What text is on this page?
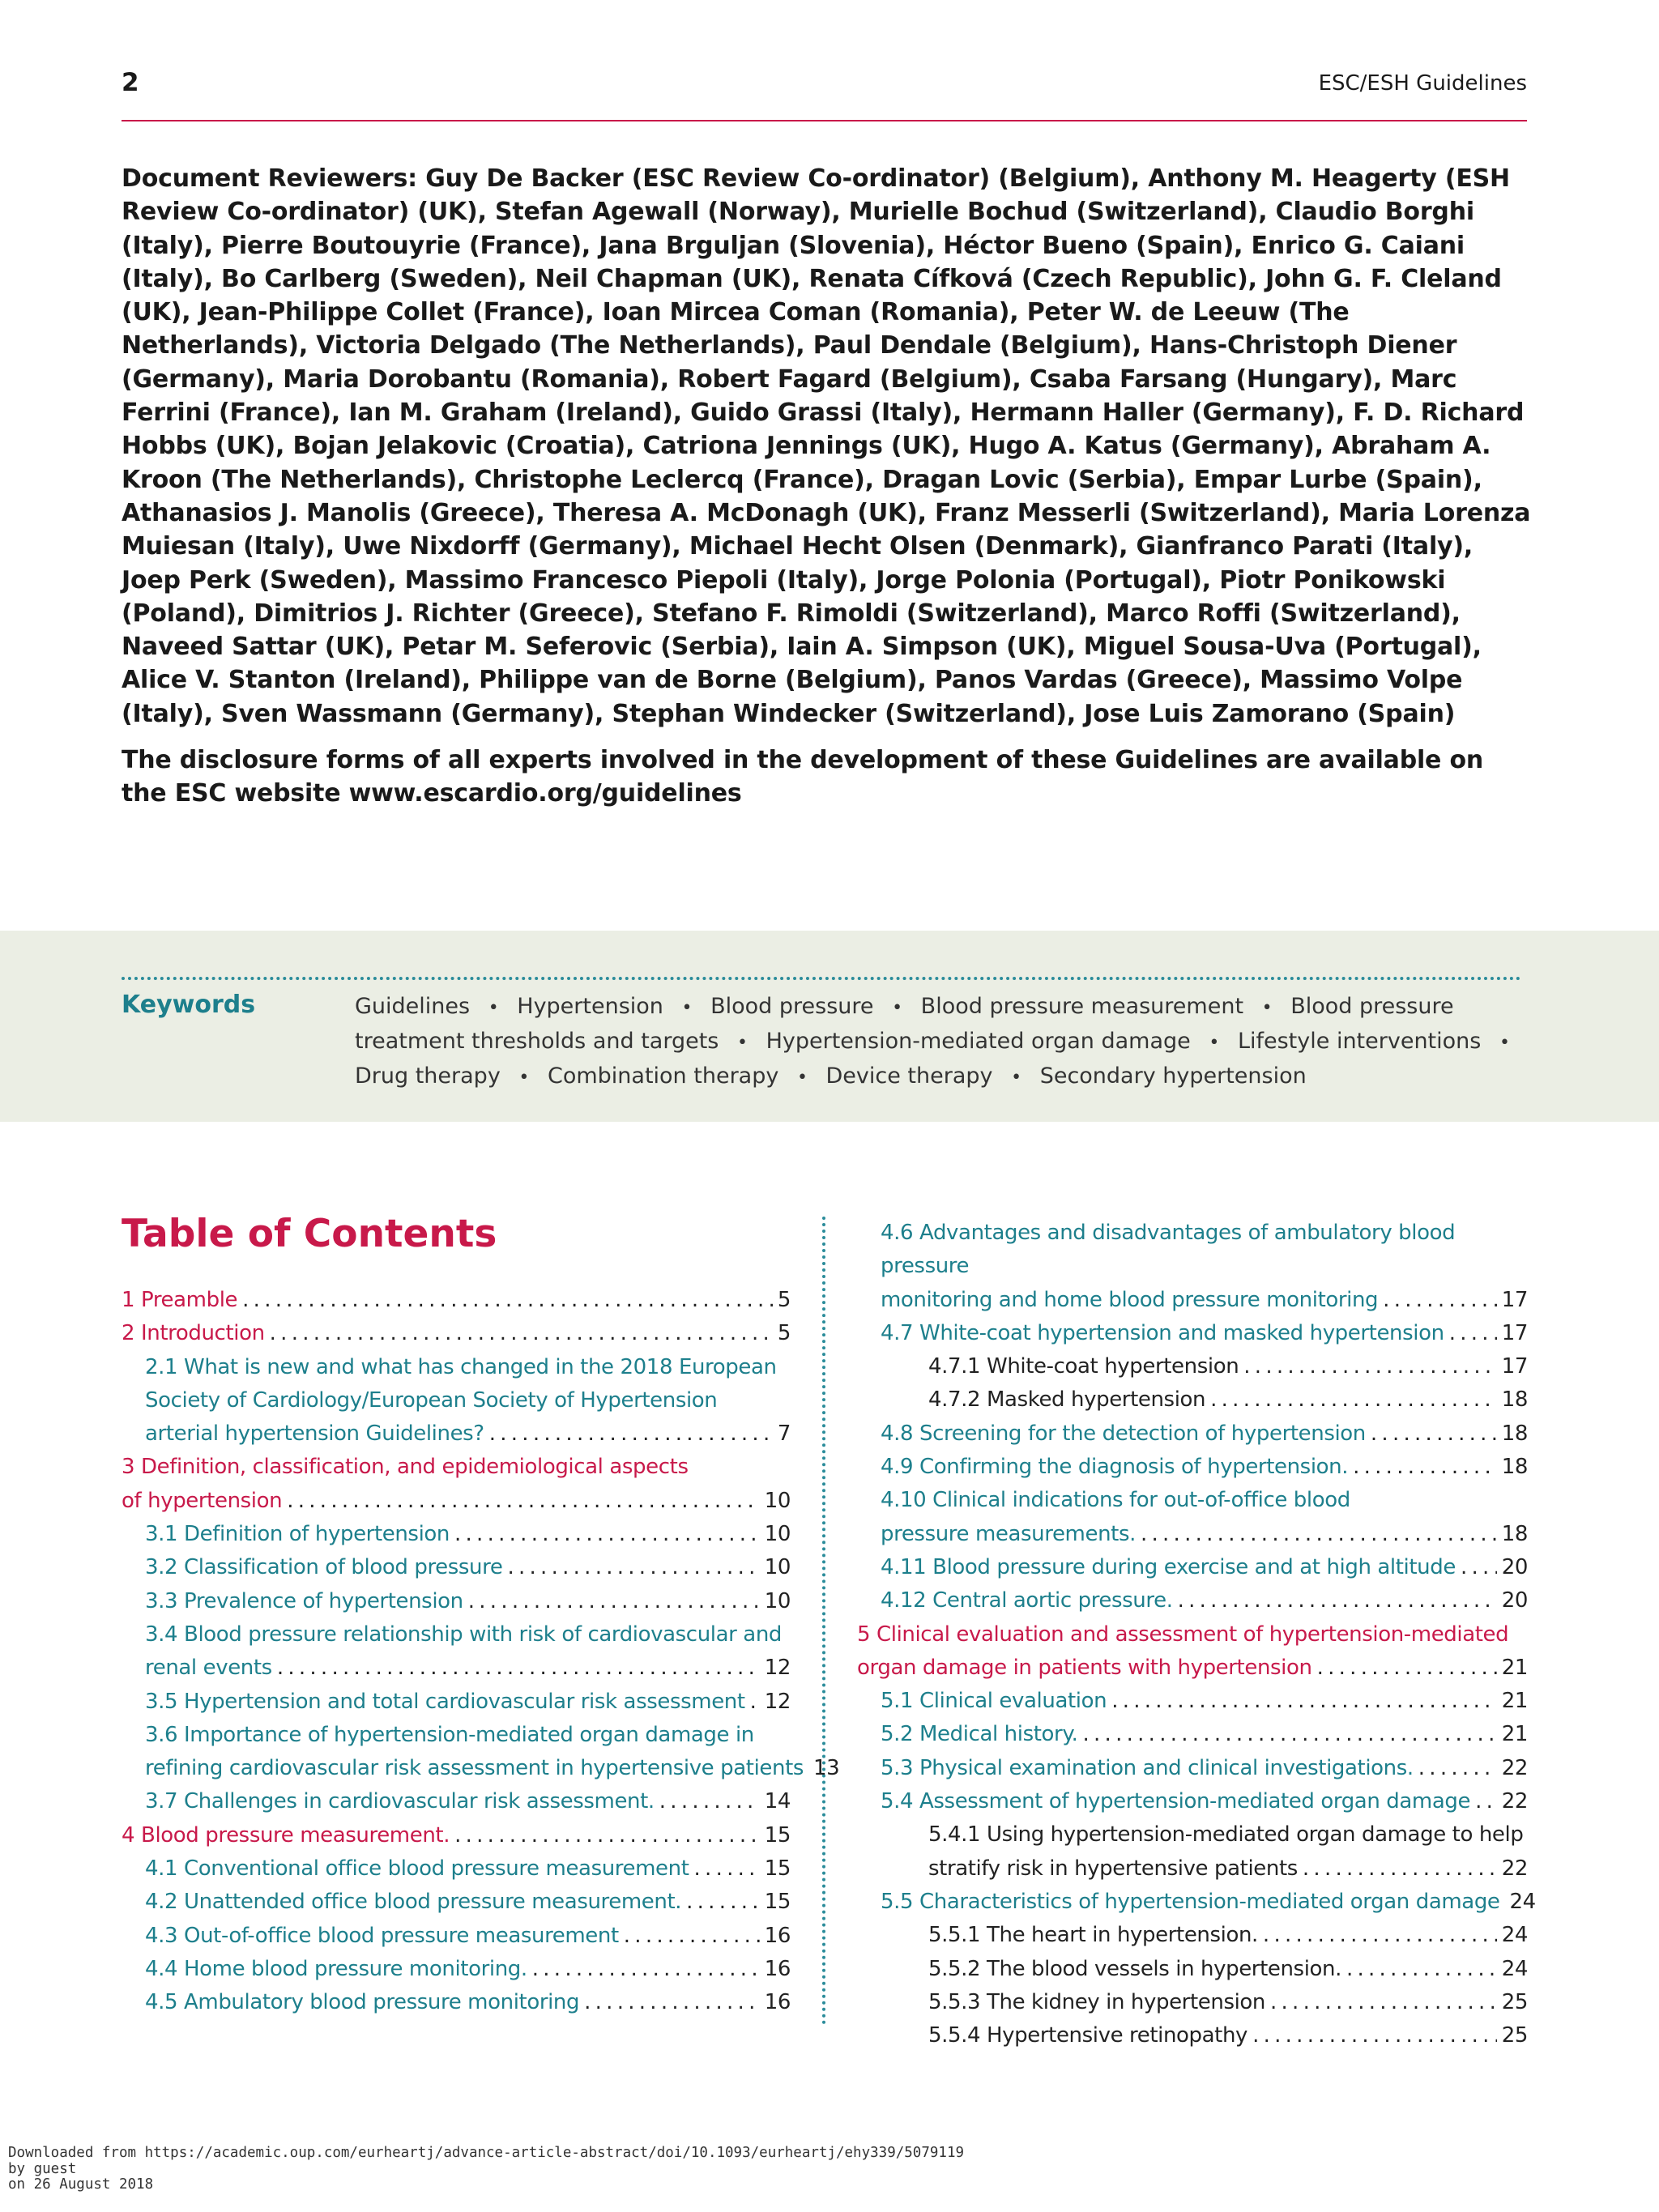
2	ESC/ESH Guidelines
Document Reviewers: Guy De Backer (ESC Review Co-ordinator) (Belgium), Anthony M. Heagerty (ESH Review Co-ordinator) (UK), Stefan Agewall (Norway), Murielle Bochud (Switzerland), Claudio Borghi (Italy), Pierre Boutouyrie (France), Jana Brguljan (Slovenia), Héctor Bueno (Spain), Enrico G. Caiani (Italy), Bo Carlberg (Sweden), Neil Chapman (UK), Renata Cífková (Czech Republic), John G. F. Cleland (UK), Jean-Philippe Collet (France), Ioan Mircea Coman (Romania), Peter W. de Leeuw (The Netherlands), Victoria Delgado (The Netherlands), Paul Dendale (Belgium), Hans-Christoph Diener (Germany), Maria Dorobantu (Romania), Robert Fagard (Belgium), Csaba Farsang (Hungary), Marc Ferrini (France), Ian M. Graham (Ireland), Guido Grassi (Italy), Hermann Haller (Germany), F. D. Richard Hobbs (UK), Bojan Jelakovic (Croatia), Catriona Jennings (UK), Hugo A. Katus (Germany), Abraham A. Kroon (The Netherlands), Christophe Leclercq (France), Dragan Lovic (Serbia), Empar Lurbe (Spain), Athanasios J. Manolis (Greece), Theresa A. McDonagh (UK), Franz Messerli (Switzerland), Maria Lorenza Muiesan (Italy), Uwe Nixdorff (Germany), Michael Hecht Olsen (Denmark), Gianfranco Parati (Italy), Joep Perk (Sweden), Massimo Francesco Piepoli (Italy), Jorge Polonia (Portugal), Piotr Ponikowski (Poland), Dimitrios J. Richter (Greece), Stefano F. Rimoldi (Switzerland), Marco Roffi (Switzerland), Naveed Sattar (UK), Petar M. Seferovic (Serbia), Iain A. Simpson (UK), Miguel Sousa-Uva (Portugal), Alice V. Stanton (Ireland), Philippe van de Borne (Belgium), Panos Vardas (Greece), Massimo Volpe (Italy), Sven Wassmann (Germany), Stephan Windecker (Switzerland), Jose Luis Zamorano (Spain)
The disclosure forms of all experts involved in the development of these Guidelines are available on the ESC website www.escardio.org/guidelines
Keywords	Guidelines • Hypertension • Blood pressure • Blood pressure measurement • Blood pressure treatment thresholds and targets • Hypertension-mediated organ damage • Lifestyle interventions • Drug therapy • Combination therapy • Device therapy • Secondary hypertension
Table of Contents
1 Preamble . . .	5
2 Introduction . . .	5
2.1 What is new and what has changed in the 2018 European
Society of Cardiology/European Society of Hypertension
arterial hypertension Guidelines? . . .	7
3 Definition, classification, and epidemiological aspects
of hypertension . . .	10
3.1 Definition of hypertension . . .	10
3.2 Classification of blood pressure . . .	10
3.3 Prevalence of hypertension . . .	10
3.4 Blood pressure relationship with risk of cardiovascular and
renal events . . .	12
3.5 Hypertension and total cardiovascular risk assessment . . . 12
3.6 Importance of hypertension-mediated organ damage in
refining cardiovascular risk assessment in hypertensive patients 13
3.7 Challenges in cardiovascular risk assessment. . . .	14
4 Blood pressure measurement. . . .	15
4.1 Conventional office blood pressure measurement . . .	15
4.2 Unattended office blood pressure measurement. . . .	15
4.3 Out-of-office blood pressure measurement . . .	16
4.4 Home blood pressure monitoring. . . .	16
4.5 Ambulatory blood pressure monitoring . . .	16
4.6 Advantages and disadvantages of ambulatory blood pressure
monitoring and home blood pressure monitoring . . .	17
4.7 White-coat hypertension and masked hypertension . . .	17
4.7.1 White-coat hypertension . . .	17
4.7.2 Masked hypertension . . .	18
4.8 Screening for the detection of hypertension . . .	18
4.9 Confirming the diagnosis of hypertension. . . .	18
4.10 Clinical indications for out-of-office blood
pressure measurements. . . .	18
4.11 Blood pressure during exercise and at high altitude . . . 20
4.12 Central aortic pressure. . . .	20
5 Clinical evaluation and assessment of hypertension-mediated
organ damage in patients with hypertension . . .	21
5.1 Clinical evaluation . . .	21
5.2 Medical history. . . .	21
5.3 Physical examination and clinical investigations. . . .	22
5.4 Assessment of hypertension-mediated organ damage . . . 22
5.4.1 Using hypertension-mediated organ damage to help
stratify risk in hypertensive patients . . .	22
5.5 Characteristics of hypertension-mediated organ damage 24
5.5.1 The heart in hypertension. . . .	24
5.5.2 The blood vessels in hypertension. . . .	24
5.5.3 The kidney in hypertension . . .	25
5.5.4 Hypertensive retinopathy . . .	25
Downloaded from https://academic.oup.com/eurheartj/advance-article-abstract/doi/10.1093/eurheartj/ehy339/5079119
by guest
on 26 August 2018
